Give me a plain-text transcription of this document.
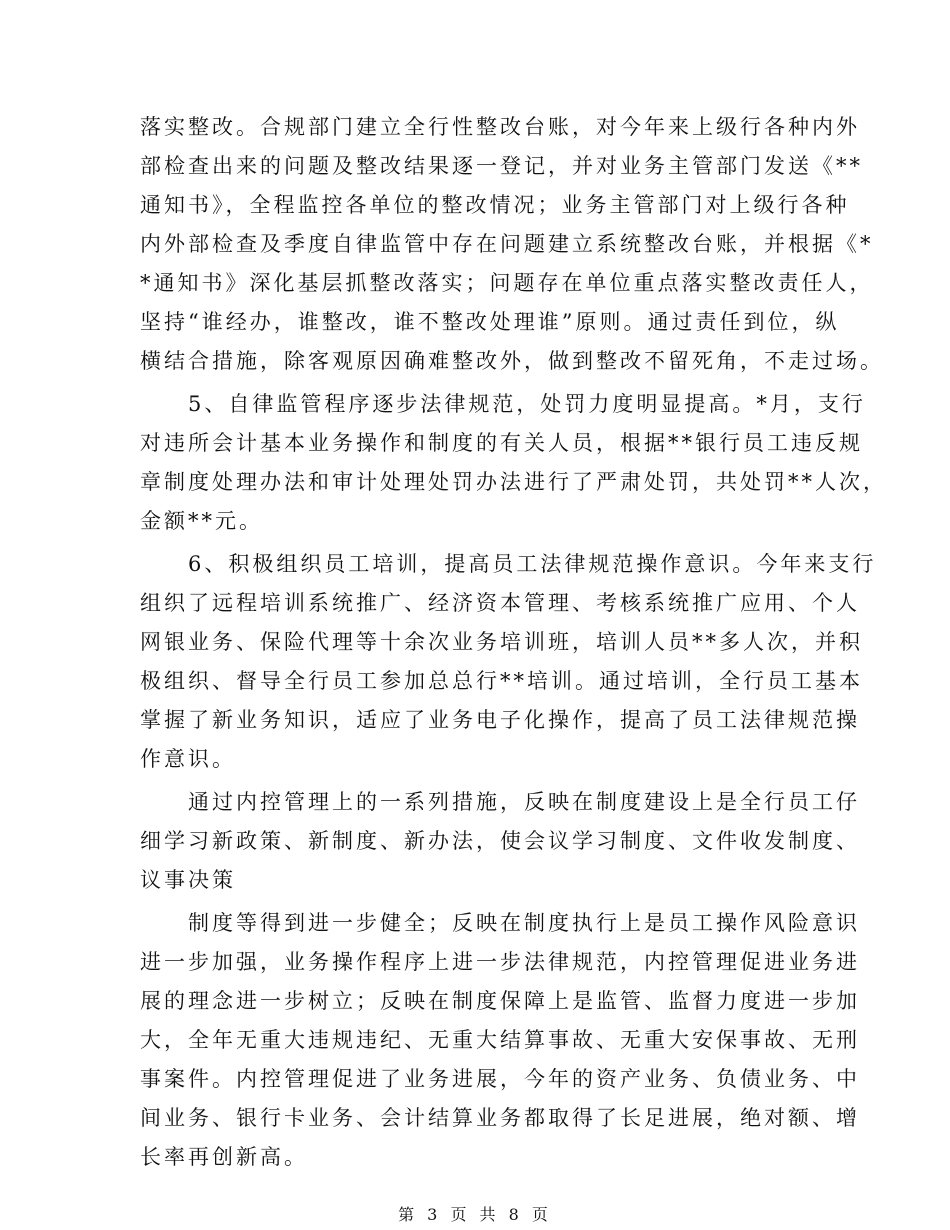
落实整改。合规部门建立全行性整改台账，对今年来上级行各种内外
部检查出来的问题及整改结果逐一登记，并对业务主管部门发送《**
通知书》，全程监控各单位的整改情况；业务主管部门对上级行各种
内外部检查及季度自律监管中存在问题建立系统整改台账，并根据《*
*通知书》深化基层抓整改落实；问题存在单位重点落实整改责任人，
坚持“谁经办，谁整改，谁不整改处理谁”原则。通过责任到位，纵
横结合措施，除客观原因确难整改外，做到整改不留死角，不走过场。
5、自律监管程序逐步法律规范，处罚力度明显提高。*月，支行
对违所会计基本业务操作和制度的有关人员，根据**银行员工违反规
章制度处理办法和审计处理处罚办法进行了严肃处罚，共处罚**人次，
金额**元。
6、积极组织员工培训，提高员工法律规范操作意识。今年来支行
组织了远程培训系统推广、经济资本管理、考核系统推广应用、个人
网银业务、保险代理等十余次业务培训班，培训人员**多人次，并积
极组织、督导全行员工参加总总行**培训。通过培训，全行员工基本
掌握了新业务知识，适应了业务电子化操作，提高了员工法律规范操
作意识。
通过内控管理上的一系列措施，反映在制度建设上是全行员工仔
细学习新政策、新制度、新办法，使会议学习制度、文件收发制度、
议事决策
制度等得到进一步健全；反映在制度执行上是员工操作风险意识
进一步加强，业务操作程序上进一步法律规范，内控管理促进业务进
展的理念进一步树立；反映在制度保障上是监管、监督力度进一步加
大，全年无重大违规违纪、无重大结算事故、无重大安保事故、无刑
事案件。内控管理促进了业务进展，今年的资产业务、负债业务、中
间业务、银行卡业务、会计结算业务都取得了长足进展，绝对额、增
长率再创新高。
第 3 页 共 8 页
